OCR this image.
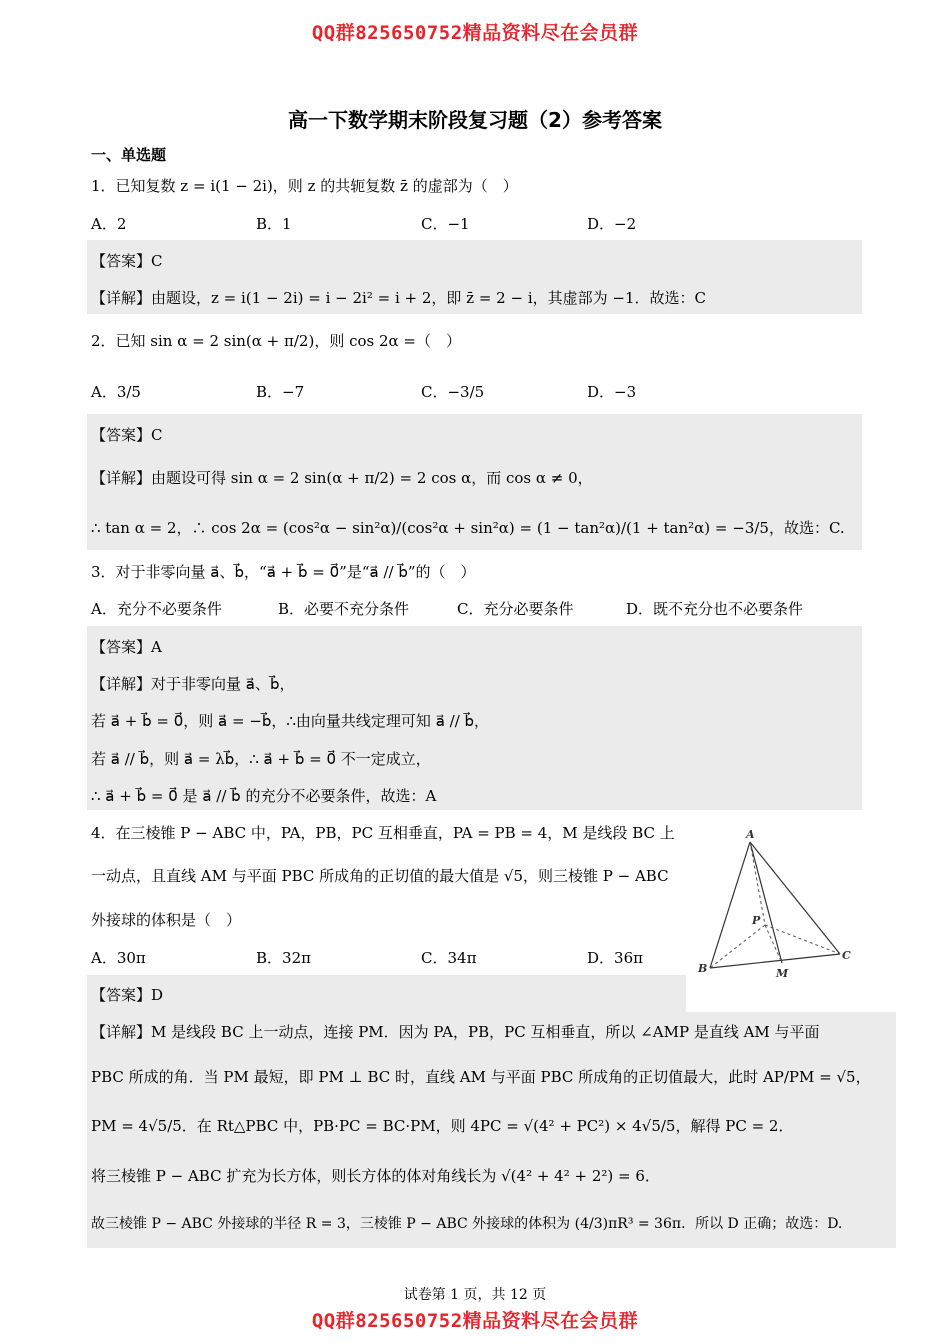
QQ群825650752精品资料尽在会员群
高一下数学期末阶段复习题（2）参考答案
一、单选题
1．已知复数 z = i(1 − 2i)，则 z 的共轭复数 z̄ 的虚部为（　）
A．2	B．1	C．−1	D．−2
【答案】C
【详解】由题设，z = i(1 − 2i) = i − 2i² = i + 2，即 z̄ = 2 − i，其虚部为 −1．故选：C
2．已知 sin α = 2 sin(α + π/2)，则 cos 2α =（　）
A．3/5	B．−7	C．−3/5	D．−3
【答案】C
【详解】由题设可得 sin α = 2 sin(α + π/2) = 2 cos α，而 cos α ≠ 0，
∴ tan α = 2，∴ cos 2α = (cos²α − sin²α)/(cos²α + sin²α) = (1 − tan²α)/(1 + tan²α) = −3/5，故选：C.
3．对于非零向量 a⃗、b⃗，“a⃗ + b⃗ = 0⃗”是“a⃗ // b⃗”的（　）
A．充分不必要条件	B．必要不充分条件	C．充分必要条件	D．既不充分也不必要条件
【答案】A
【详解】对于非零向量 a⃗、b⃗，
若 a⃗ + b⃗ = 0⃗，则 a⃗ = −b⃗，∴由向量共线定理可知 a⃗ // b⃗，
若 a⃗ // b⃗，则 a⃗ = λb⃗，∴ a⃗ + b⃗ = 0⃗ 不一定成立，
∴ a⃗ + b⃗ = 0⃗ 是 a⃗ // b⃗ 的充分不必要条件，故选：A
4．在三棱锥 P − ABC 中，PA，PB，PC 互相垂直，PA = PB = 4，M 是线段 BC 上
一动点，且直线 AM 与平面 PBC 所成角的正切值的最大值是 √5，则三棱锥 P − ABC
外接球的体积是（　）
A．30π	B．32π	C．34π	D．36π
A
P
B	M
C
【答案】D
【详解】M 是线段 BC 上一动点，连接 PM．因为 PA，PB，PC 互相垂直，所以 ∠AMP 是直线 AM 与平面
PBC 所成的角．当 PM 最短，即 PM ⊥ BC 时，直线 AM 与平面 PBC 所成角的正切值最大，此时 AP/PM = √5，
PM = 4√5/5．在 Rt△PBC 中，PB·PC = BC·PM，则 4PC = √(4² + PC²) × 4√5/5，解得 PC = 2．
将三棱锥 P − ABC 扩充为长方体，则长方体的体对角线长为 √(4² + 4² + 2²) = 6．
故三棱锥 P − ABC 外接球的半径 R = 3，三棱锥 P − ABC 外接球的体积为 (4/3)πR³ = 36π．所以 D 正确；故选：D.
试卷第 1 页，共 12 页
QQ群825650752精品资料尽在会员群
